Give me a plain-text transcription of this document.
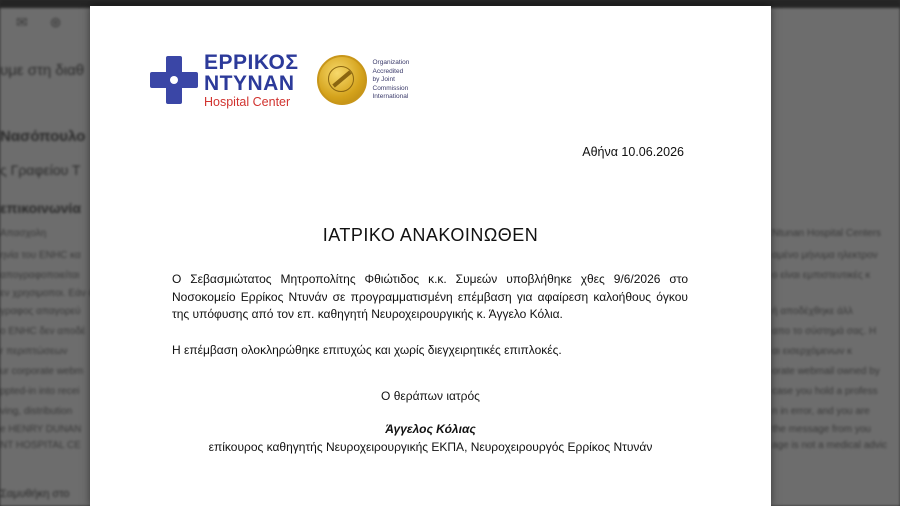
ΕΡΡΙΚΟΣ
ΝΤΥΝΑΝ
Hospital Center
Organization
Accredited
by Joint
Commission
International
Αθήνα 10.06.2026
ΙΑΤΡΙΚΟ ΑΝΑΚΟΙΝΩΘΕΝ
Ο Σεβασμιώτατος Μητροπολίτης Φθιώτιδος κ.κ. Συμεών υποβλήθηκε χθες 9/6/2026 στο Νοσοκομείο Ερρίκος Ντυνάν σε προγραμματισμένη επέμβαση για αφαίρεση καλοήθους όγκου της υπόφυσης από τον επ. καθηγητή Νευροχειρουργικής κ. Άγγελο Κόλια.
Η επέμβαση ολοκληρώθηκε επιτυχώς και χωρίς διεγχειρητικές επιπλοκές.
Ο θεράπων ιατρός
Άγγελος Κόλιας
επίκουρος καθηγητής Νευροχειρουργικής ΕΚΠΑ, Νευροχειρουργός Ερρίκος Ντυνάν
